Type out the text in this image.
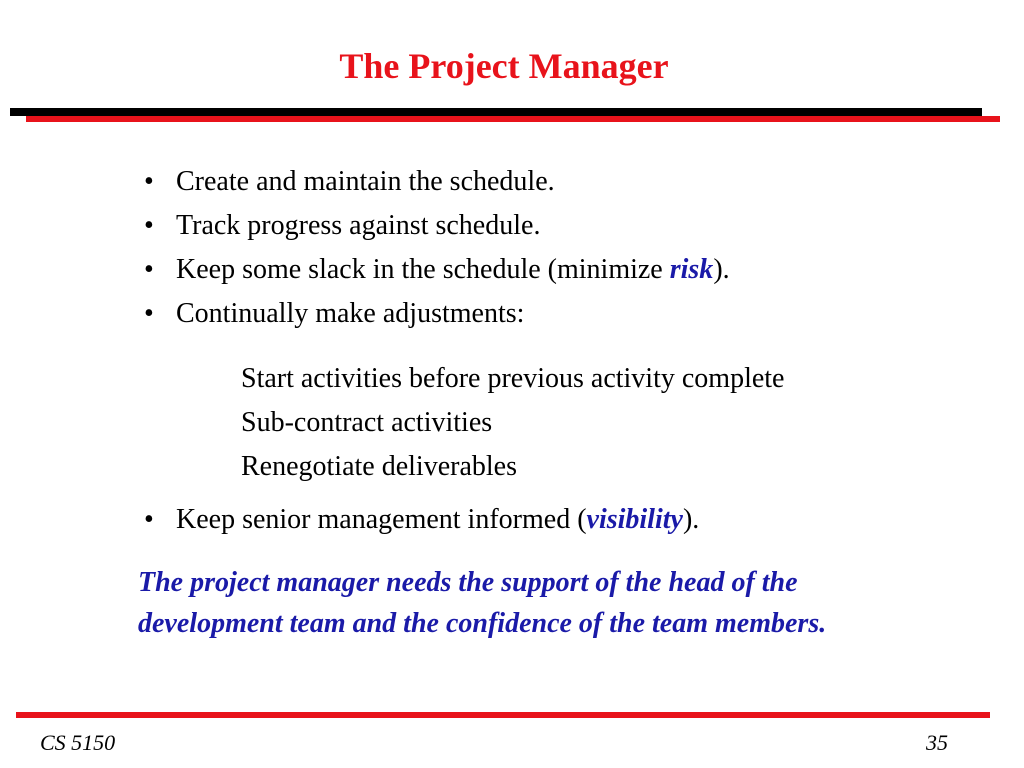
The Project Manager
• Create and maintain the schedule.
• Track progress against schedule.
• Keep some slack in the schedule (minimize risk).
• Continually make adjustments:
Start activities before previous activity complete
Sub-contract activities
Renegotiate deliverables
• Keep senior management informed (visibility).
The project manager needs the support of the head of the development team and the confidence of the team members.
CS 5150	35
